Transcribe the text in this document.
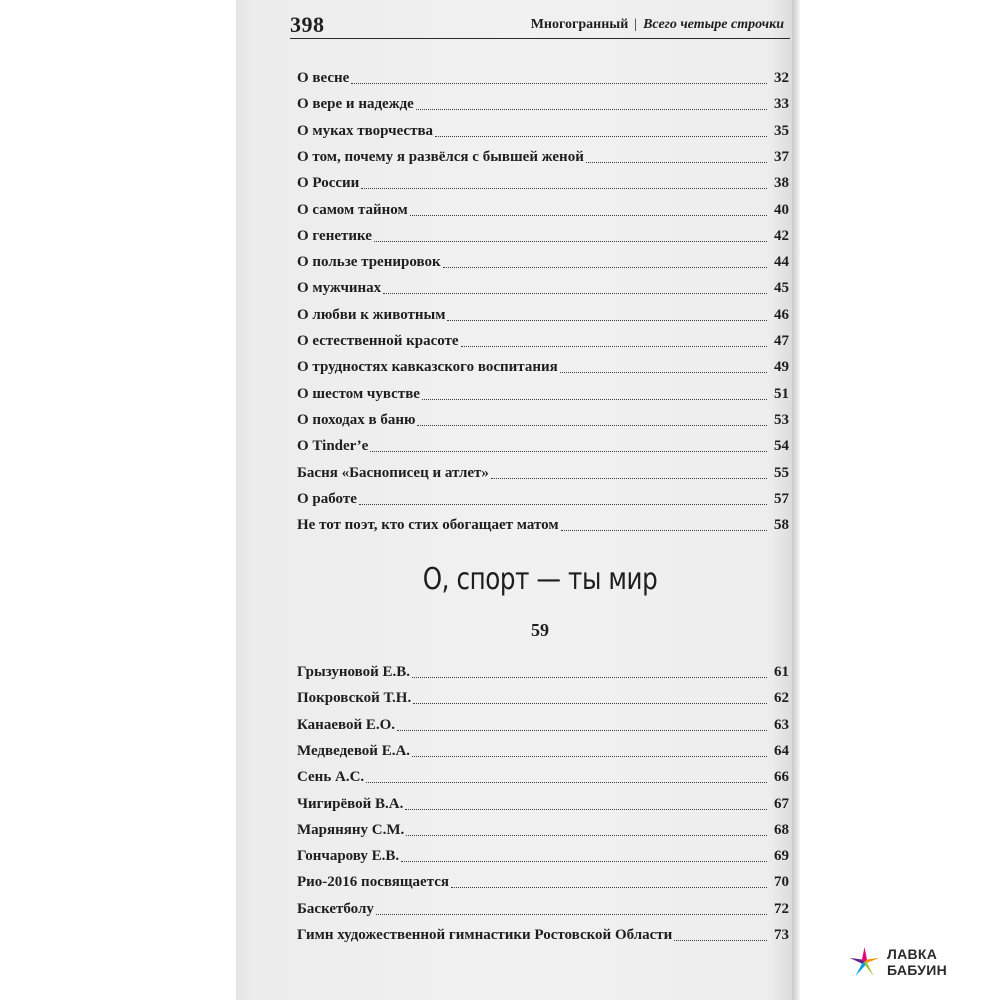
398	Многогранный | Всего четыре строчки
О весне	32
О вере и надежде	33
О муках творчества	35
О том, почему я развёлся с бывшей женой	37
О России	38
О самом тайном	40
О генетике	42
О пользе тренировок	44
О мужчинах	45
О любви к животным	46
О естественной красоте	47
О трудностях кавказского воспитания	49
О шестом чувстве	51
О походах в баню	53
О Tinder’е	54
Басня «Баснописец и атлет»	55
О работе	57
Не тот поэт, кто стих обогащает матом	58
О, спорт — ты мир
59
Грызуновой Е.В.	61
Покровской Т.Н.	62
Канаевой Е.О.	63
Медведевой Е.А.	64
Сень А.С.	66
Чигирёвой В.А.	67
Маряняну С.М.	68
Гончарову Е.В.	69
Рио-2016 посвящается	70
Баскетболу	72
Гимн художественной гимнастики Ростовской Области	73
ЛАВКА БАБУИН
